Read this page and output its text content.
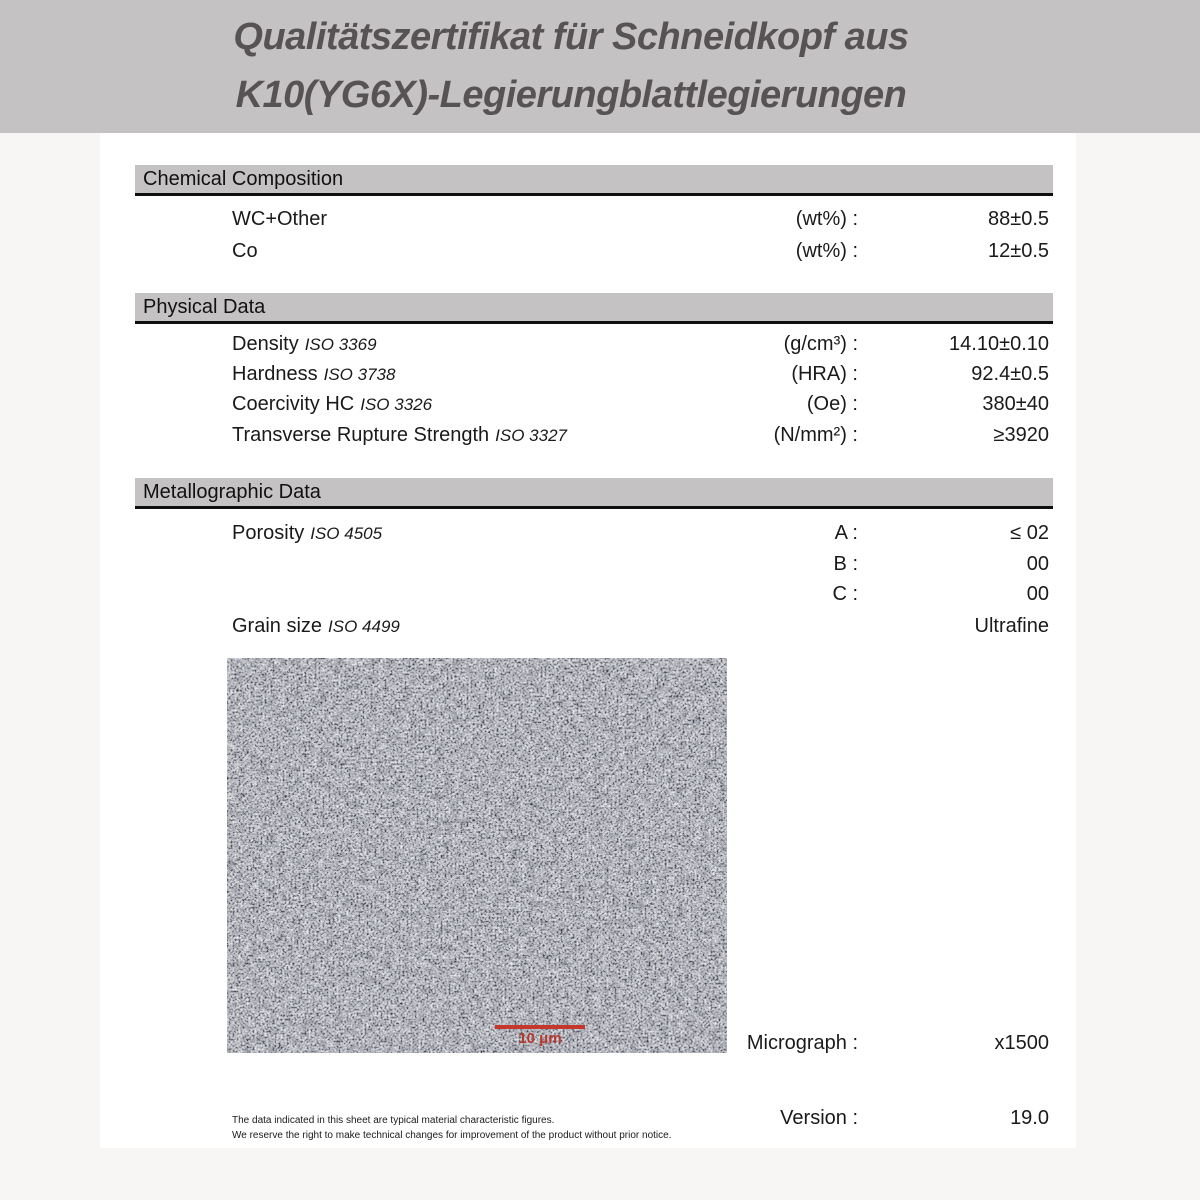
Qualitätszertifikat für Schneidkopf aus
K10(YG6X)-Legierungblattlegierungen
Chemical Composition
WC+Other	(wt%) :	88±0.5
Co	(wt%) :	12±0.5
Physical Data
Density ISO 3369	(g/cm³) :	14.10±0.10
Hardness ISO 3738	(HRA) :	92.4±0.5
Coercivity HC ISO 3326	(Oe) :	380±40
Transverse Rupture Strength ISO 3327	(N/mm²) :	≥3920
Metallographic Data
Porosity ISO 4505	A :	≤ 02
B :	00
C :	00
Grain size ISO 4499	Ultrafine
10 μm	Micrograph :	x1500
The data indicated in this sheet are typical material characteristic figures.
We reserve the right to make technical changes for improvement of the product without prior notice.
Version :	19.0
